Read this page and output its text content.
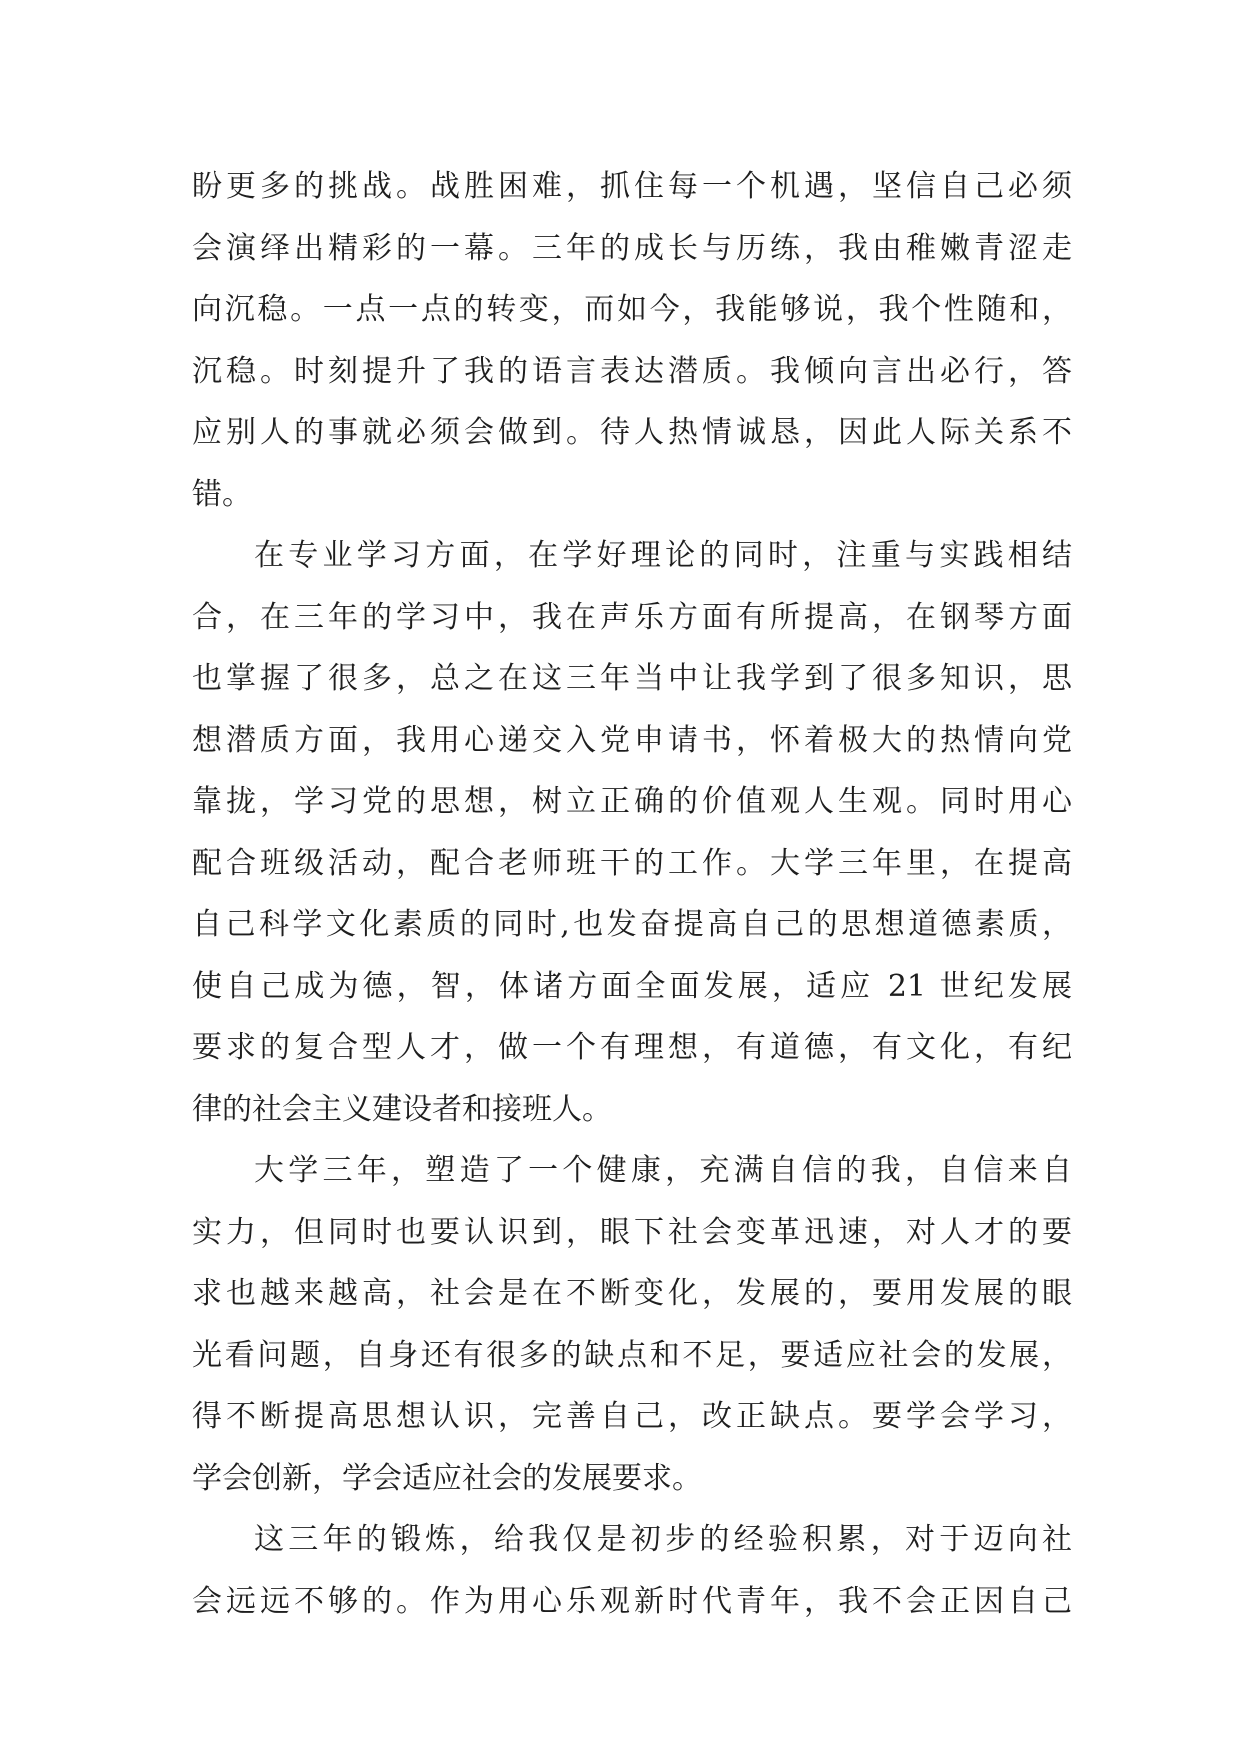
盼更多的挑战。战胜困难，抓住每一个机遇，坚信自己必须
会演绎出精彩的一幕。三年的成长与历练，我由稚嫩青涩走
向沉稳。一点一点的转变，而如今，我能够说，我个性随和，
沉稳。时刻提升了我的语言表达潜质。我倾向言出必行，答
应别人的事就必须会做到。待人热情诚恳，因此人际关系不
错。
在专业学习方面，在学好理论的同时，注重与实践相结
合，在三年的学习中，我在声乐方面有所提高，在钢琴方面
也掌握了很多，总之在这三年当中让我学到了很多知识，思
想潜质方面，我用心递交入党申请书，怀着极大的热情向党
靠拢，学习党的思想，树立正确的价值观人生观。同时用心
配合班级活动，配合老师班干的工作。大学三年里，在提高
自己科学文化素质的同时,也发奋提高自己的思想道德素质，
使自己成为德，智，体诸方面全面发展，适应 21 世纪发展
要求的复合型人才，做一个有理想，有道德，有文化，有纪
律的社会主义建设者和接班人。
大学三年，塑造了一个健康，充满自信的我，自信来自
实力，但同时也要认识到，眼下社会变革迅速，对人才的要
求也越来越高，社会是在不断变化，发展的，要用发展的眼
光看问题，自身还有很多的缺点和不足，要适应社会的发展，
得不断提高思想认识，完善自己，改正缺点。要学会学习，
学会创新，学会适应社会的发展要求。
这三年的锻炼，给我仅是初步的经验积累，对于迈向社
会远远不够的。作为用心乐观新时代青年，我不会正因自己
